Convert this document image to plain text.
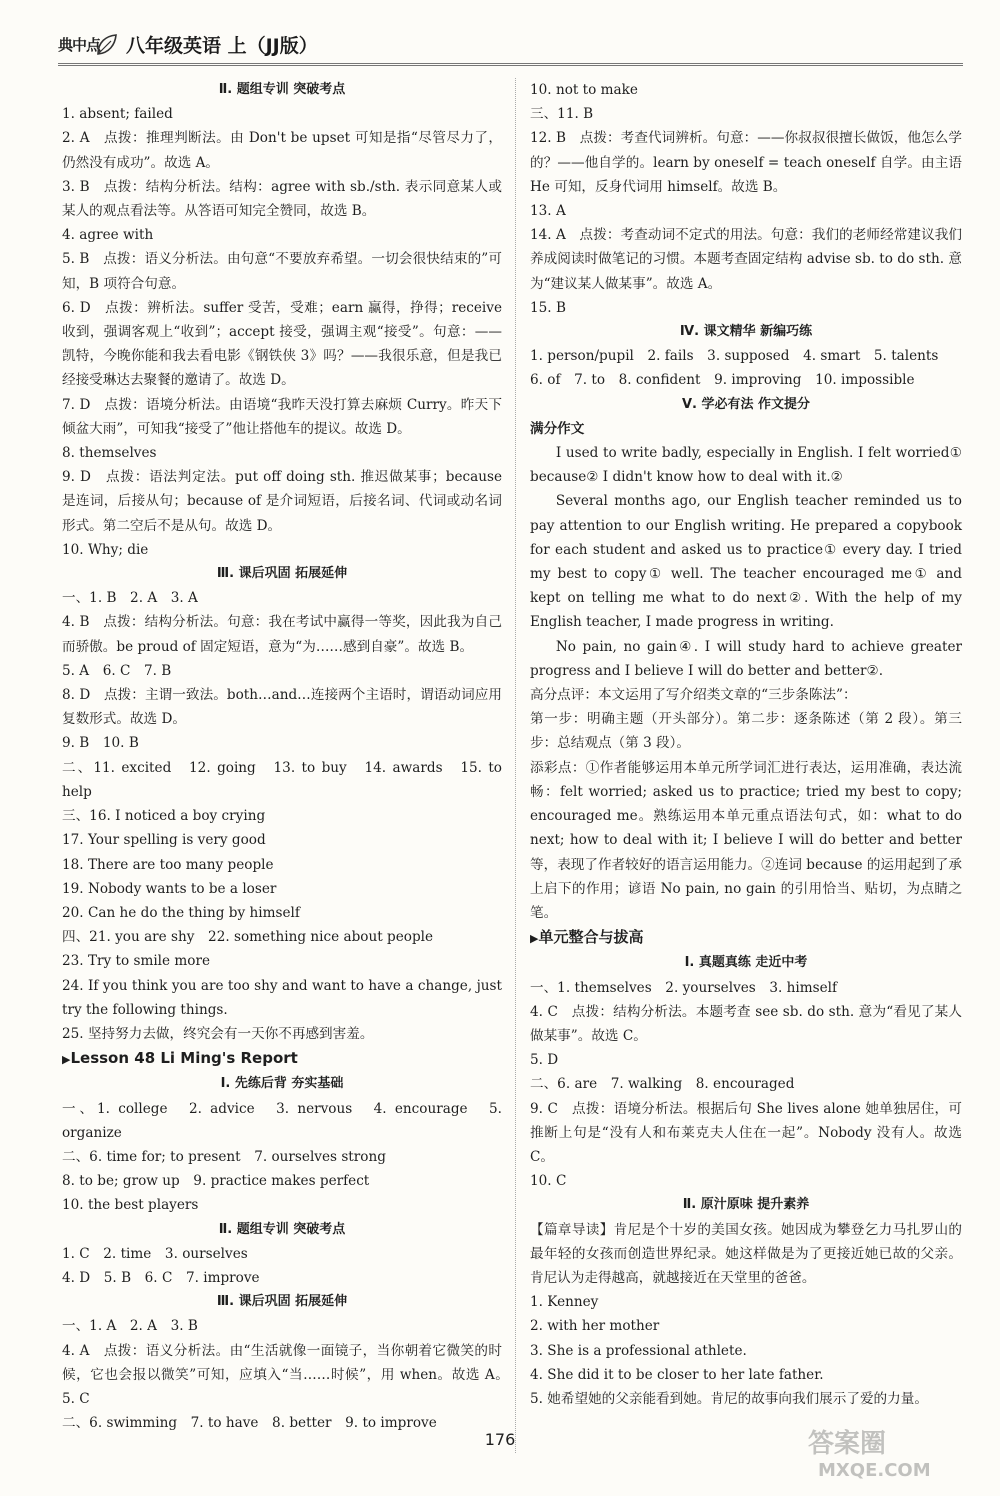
典中点 八年级英语 上（JJ版）
Ⅱ. 题组专训 突破考点
1. absent; failed
2. A　点拨：推理判断法。由 Don't be upset 可知是指“尽管尽力了，仍然没有成功”。故选 A。
3. B　点拨：结构分析法。结构：agree with sb./sth. 表示同意某人或某人的观点看法等。从答语可知完全赞同，故选 B。
4. agree with
5. B　点拨：语义分析法。由句意“不要放弃希望。一切会很快结束的”可知，B 项符合句意。
6. D　点拨：辨析法。suffer 受苦，受难；earn 赢得，挣得；receive 收到，强调客观上“收到”；accept 接受，强调主观“接受”。句意：——凯特，今晚你能和我去看电影《钢铁侠 3》吗？——我很乐意，但是我已经接受琳达去聚餐的邀请了。故选 D。
7. D　点拨：语境分析法。由语境“我昨天没打算去麻烦 Curry。昨天下倾盆大雨”，可知我“接受了”他让搭他车的提议。故选 D。
8. themselves
9. D　点拨：语法判定法。put off doing sth. 推迟做某事；because 是连词，后接从句；because of 是介词短语，后接名词、代词或动名词形式。第二空后不是从句。故选 D。
10. Why; die
Ⅲ. 课后巩固 拓展延伸
一、1. B　2. A　3. A
4. B　点拨：结构分析法。句意：我在考试中赢得一等奖，因此我为自己而骄傲。be proud of 固定短语，意为“为……感到自豪”。故选 B。
5. A　6. C　7. B
8. D　点拨：主谓一致法。both…and…连接两个主语时，谓语动词应用复数形式。故选 D。
9. B　10. B
二、11. excited　12. going　13. to buy　14. awards　15. to help
三、16. I noticed a boy crying
17. Your spelling is very good
18. There are too many people
19. Nobody wants to be a loser
20. Can he do the thing by himself
四、21. you are shy　22. something nice about people
23. Try to smile more
24. If you think you are too shy and want to have a change, just try the following things.
25. 坚持努力去做，终究会有一天你不再感到害羞。
▶ Lesson 48 Li Ming's Report
Ⅰ. 先练后背 夯实基础
一、1. college　2. advice　3. nervous　4. encourage　5. organize
二、6. time for; to present　7. ourselves strong
8. to be; grow up　9. practice makes perfect
10. the best players
Ⅱ. 题组专训 突破考点
1. C　2. time　3. ourselves
4. D　5. B　6. C　7. improve
Ⅲ. 课后巩固 拓展延伸
一、1. A　2. A　3. B
4. A　点拨：语义分析法。由“生活就像一面镜子，当你朝着它微笑的时候，它也会报以微笑”可知，应填入“当……时候”，用 when。故选 A。　5. C
二、6. swimming　7. to have　8. better　9. to improve
10. not to make
三、11. B
12. B　点拨：考查代词辨析。句意：——你叔叔很擅长做饭，他怎么学的？——他自学的。learn by oneself = teach oneself 自学。由主语 He 可知，反身代词用 himself。故选 B。
13. A
14. A　点拨：考查动词不定式的用法。句意：我们的老师经常建议我们养成阅读时做笔记的习惯。本题考查固定结构 advise sb. to do sth. 意为“建议某人做某事”。故选 A。
15. B
Ⅳ. 课文精华 新编巧练
1. person/pupil　2. fails　3. supposed　4. smart　5. talents
6. of　7. to　8. confident　9. improving　10. impossible
Ⅴ. 学必有法 作文提分
满分作文
I used to write badly, especially in English. I felt worried① because② I didn't know how to deal with it.②
Several months ago, our English teacher reminded us to pay attention to our English writing. He prepared a copybook for each student and asked us to practice① every day. I tried my best to copy① well. The teacher encouraged me① and kept on telling me what to do next②. With the help of my English teacher, I made progress in writing.
No pain, no gain④. I will study hard to achieve greater progress and I believe I will do better and better②.
高分点评：本文运用了写介绍类文章的“三步条陈法”：
第一步：明确主题（开头部分）。第二步：逐条陈述（第 2 段）。第三步：总结观点（第 3 段）。
添彩点：①作者能够运用本单元所学词汇进行表达，运用准确，表达流畅：felt worried; asked us to practice; tried my best to copy; encouraged me。熟练运用本单元重点语法句式，如：what to do next; how to deal with it; I believe I will do better and better 等，表现了作者较好的语言运用能力。②连词 because 的运用起到了承上启下的作用；谚语 No pain, no gain 的引用恰当、贴切，为点睛之笔。
▶ 单元整合与拔高
Ⅰ. 真题真练 走近中考
一、1. themselves　2. yourselves　3. himself
4. C　点拨：结构分析法。本题考查 see sb. do sth. 意为“看见了某人做某事”。故选 C。
5. D
二、6. are　7. walking　8. encouraged
9. C　点拨：语境分析法。根据后句 She lives alone 她单独居住，可推断上句是“没有人和布莱克夫人住在一起”。Nobody 没有人。故选 C。
10. C
Ⅱ. 原汁原味 提升素养
【篇章导读】肯尼是个十岁的美国女孩。她因成为攀登乞力马扎罗山的最年轻的女孩而创造世界纪录。她这样做是为了更接近她已故的父亲。肯尼认为走得越高，就越接近在天堂里的爸爸。
1. Kenney
2. with her mother
3. She is a professional athlete.
4. She did it to be closer to her late father.
5. 她希望她的父亲能看到她。肯尼的故事向我们展示了爱的力量。
176	答案圈
MXQE.COM
